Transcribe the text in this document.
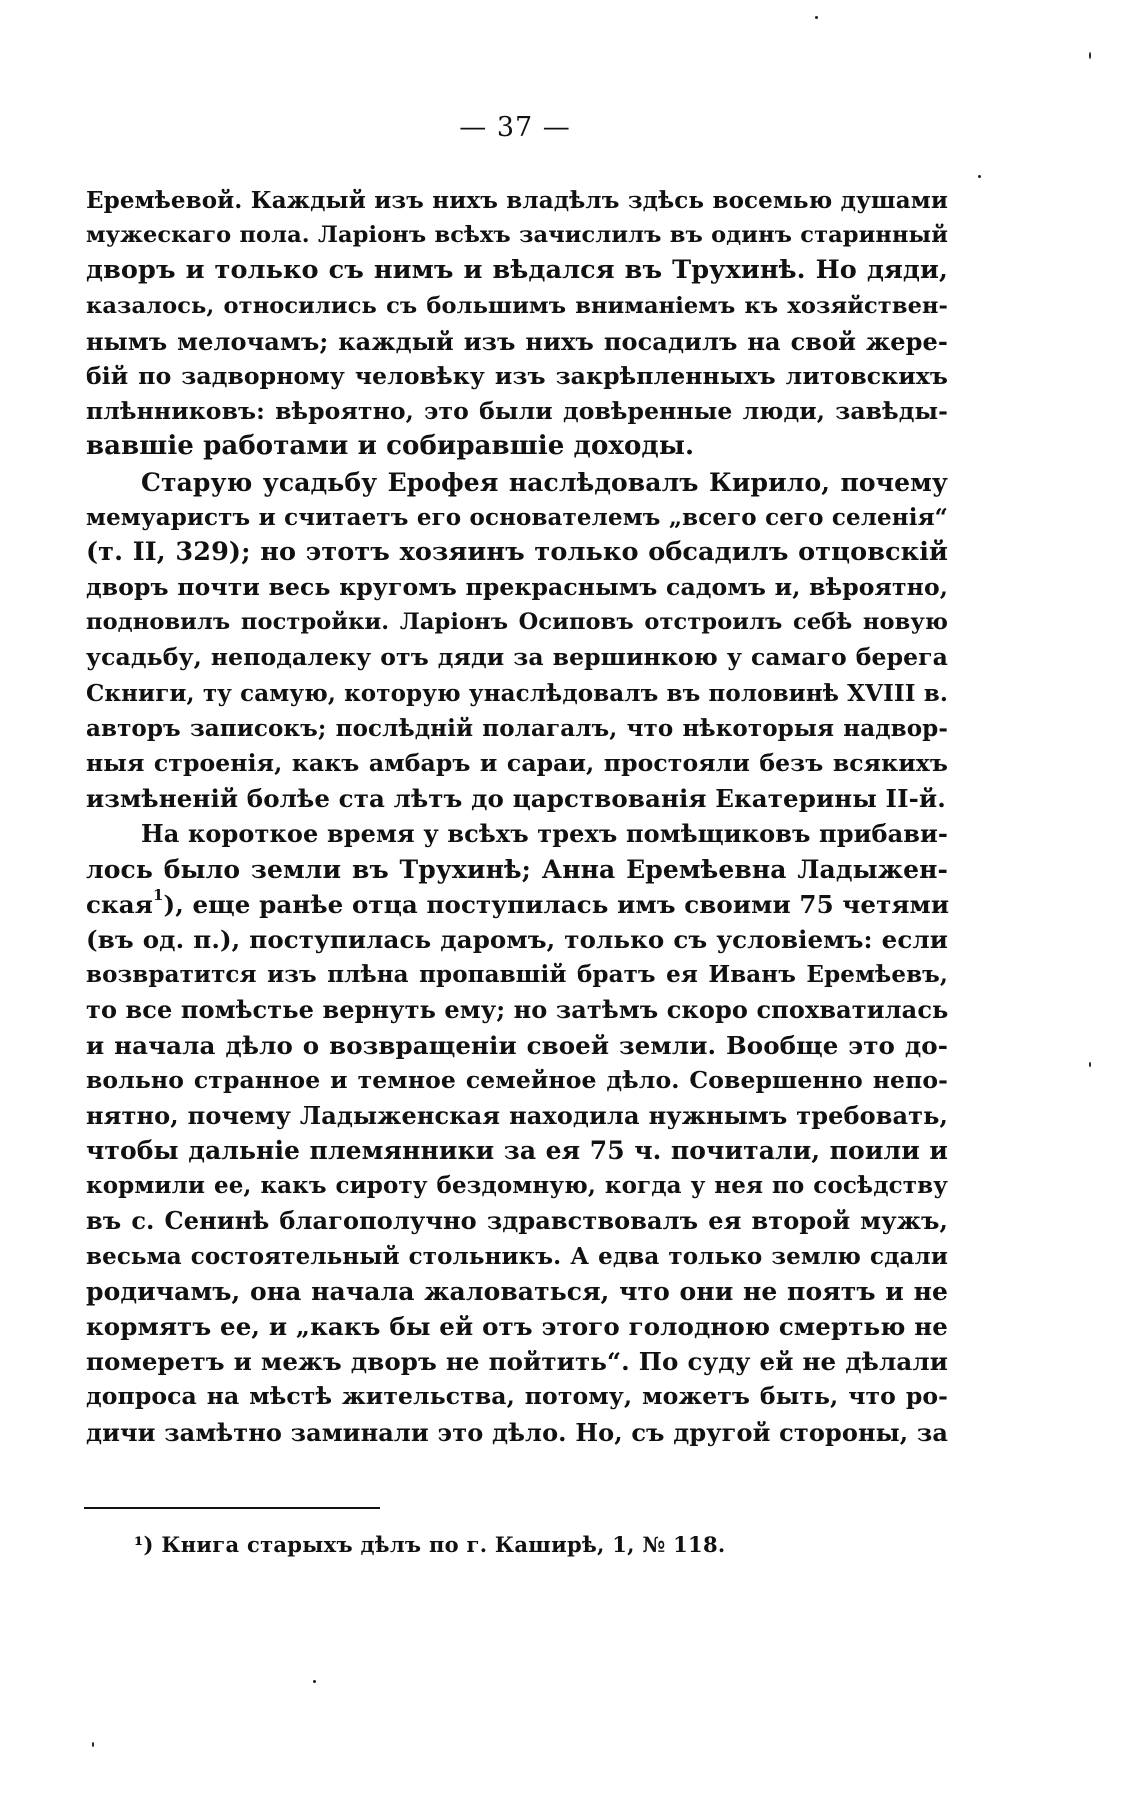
— 37 —
Еремѣевой. Каждый изъ нихъ владѣлъ здѣсь восемью душами
мужескаго пола. Ларіонъ всѣхъ зачислилъ въ одинъ старинный
дворъ и только съ нимъ и вѣдался въ Трухинѣ. Но дяди,
казалось, относились съ большимъ вниманіемъ къ хозяйствен-
нымъ мелочамъ; каждый изъ нихъ посадилъ на свой жере-
бій по задворному человѣку изъ закрѣпленныхъ литовскихъ
плѣнниковъ: вѣроятно, это были довѣренные люди, завѣды-
вавшіе работами и собиравшіе доходы.
Старую усадьбу Ерофея наслѣдовалъ Кирило, почему
мемуаристъ и считаетъ его основателемъ „всего сего селенія“
(т. II, 329); но этотъ хозяинъ только обсадилъ отцовскій
дворъ почти весь кругомъ прекраснымъ садомъ и, вѣроятно,
подновилъ постройки. Ларіонъ Осиповъ отстроилъ себѣ новую
усадьбу, неподалеку отъ дяди за вершинкою у самаго берега
Скниги, ту самую, которую унаслѣдовалъ въ половинѣ XVIII в.
авторъ записокъ; послѣдній полагалъ, что нѣкоторыя надвор-
ныя строенія, какъ амбаръ и сараи, простояли безъ всякихъ
измѣненій болѣе ста лѣтъ до царствованія Екатерины II-й.
На короткое время у всѣхъ трехъ помѣщиковъ прибави-
лось было земли въ Трухинѣ; Анна Еремѣевна Ладыжен-
ская$^1$), еще ранѣе отца поступилась имъ своими 75 четями
(въ од. п.), поступилась даромъ, только съ условіемъ: если
возвратится изъ плѣна пропавшій братъ ея Иванъ Еремѣевъ,
то все помѣстье вернуть ему; но затѣмъ скоро спохватилась
и начала дѣло о возвращеніи своей земли. Вообще это до-
вольно странное и темное семейное дѣло. Совершенно непо-
нятно, почему Ладыженская находила нужнымъ требовать,
чтобы дальніе племянники за ея 75 ч. почитали, поили и
кормили ее, какъ сироту бездомную, когда у нея по сосѣдству
въ с. Сенинѣ благополучно здравствовалъ ея второй мужъ,
весьма состоятельный стольникъ. А едва только землю сдали
родичамъ, она начала жаловаться, что они не поятъ и не
кормятъ ее, и „какъ бы ей отъ этого голодною смертью не
померетъ и межъ дворъ не пойтить“. По суду ей не дѣлали
допроса на мѣстѣ жительства, потому, можетъ быть, что ро-
дичи замѣтно заминали это дѣло. Но, съ другой стороны, за
¹) Книга старыхъ дѣлъ по г. Каширѣ, 1, № 118.
